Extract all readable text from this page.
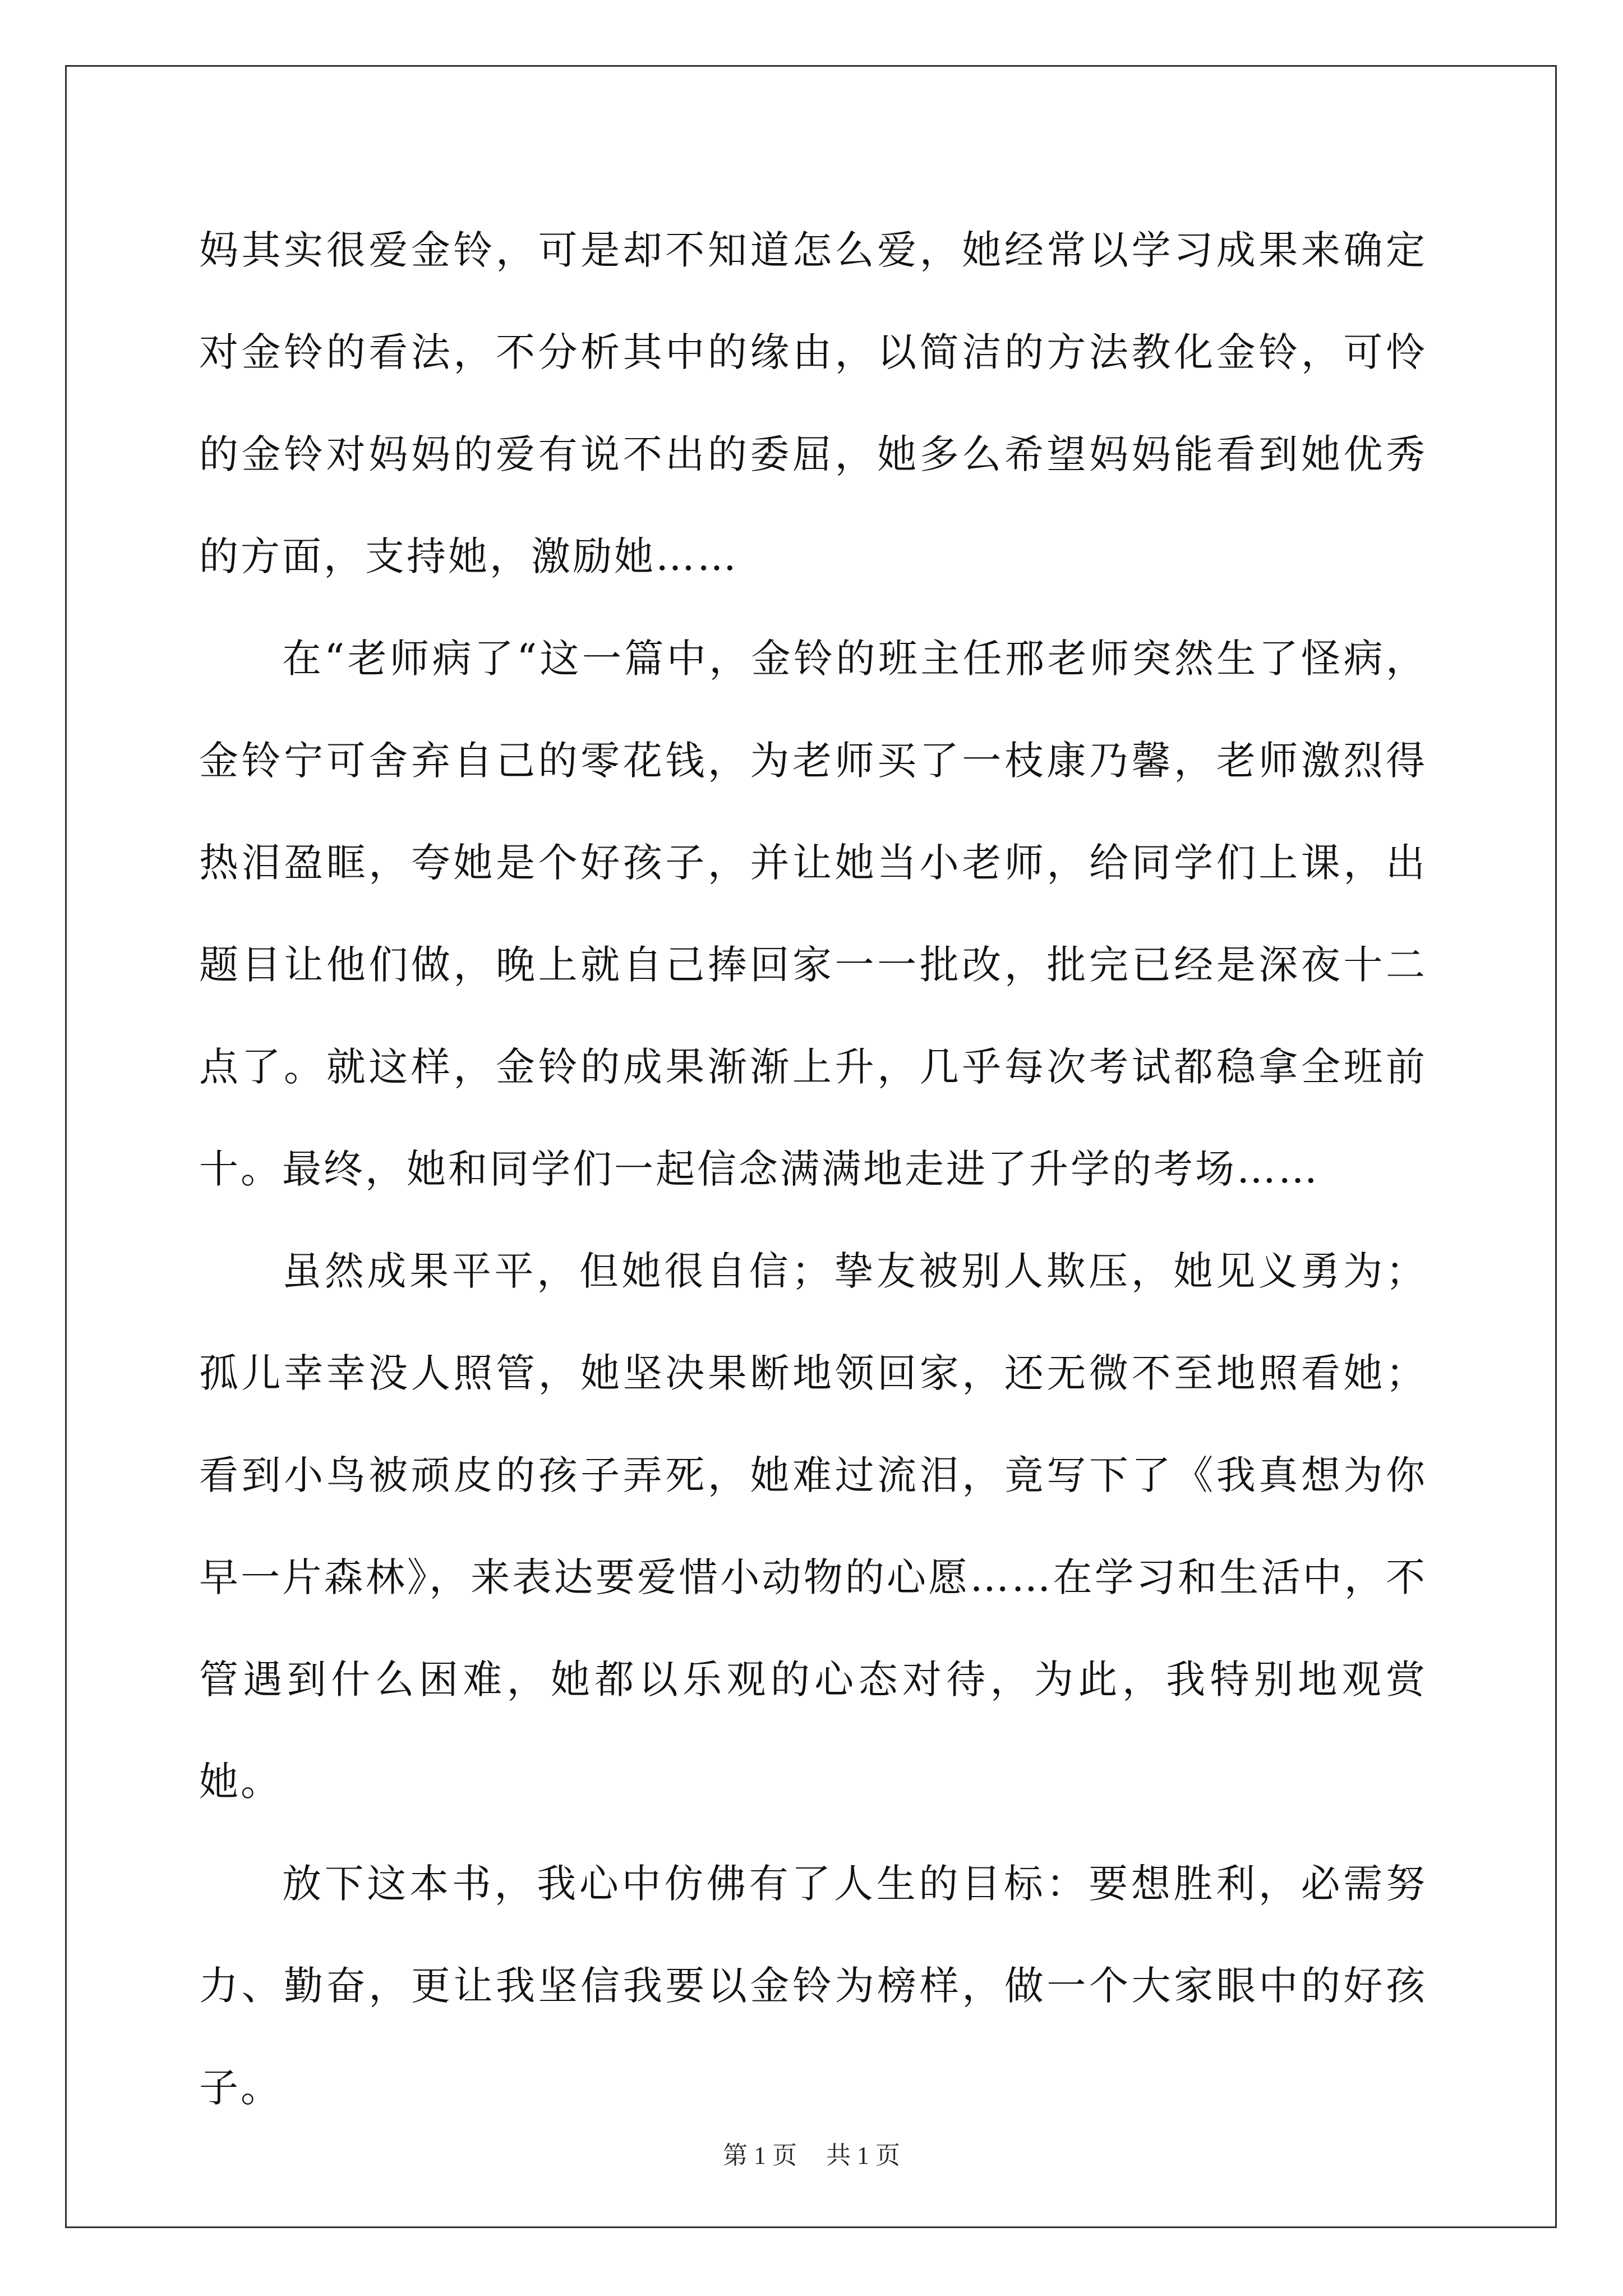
妈其实很爱金铃，可是却不知道怎么爱，她经常以学习成果来确定对金铃的看法，不分析其中的缘由，以简洁的方法教化金铃，可怜的金铃对妈妈的爱有说不出的委屈，她多么希望妈妈能看到她优秀的方面，支持她，激励她……

在“老师病了“这一篇中，金铃的班主任邢老师突然生了怪病，金铃宁可舍弃自己的零花钱，为老师买了一枝康乃馨，老师激烈得热泪盈眶，夸她是个好孩子，并让她当小老师，给同学们上课，出题目让他们做，晚上就自己捧回家一一批改，批完已经是深夜十二点了。就这样，金铃的成果渐渐上升，几乎每次考试都稳拿全班前十。最终，她和同学们一起信念满满地走进了升学的考场……

虽然成果平平，但她很自信；挚友被别人欺压，她见义勇为；孤儿幸幸没人照管，她坚决果断地领回家，还无微不至地照看她；看到小鸟被顽皮的孩子弄死，她难过流泪，竟写下了《我真想为你早一片森林》，来表达要爱惜小动物的心愿……在学习和生活中，不管遇到什么困难，她都以乐观的心态对待，为此，我特别地观赏她。

放下这本书，我心中仿佛有了人生的目标：要想胜利，必需努力、勤奋，更让我坚信我要以金铃为榜样，做一个大家眼中的好孩子。

第 1 页 共 1 页
